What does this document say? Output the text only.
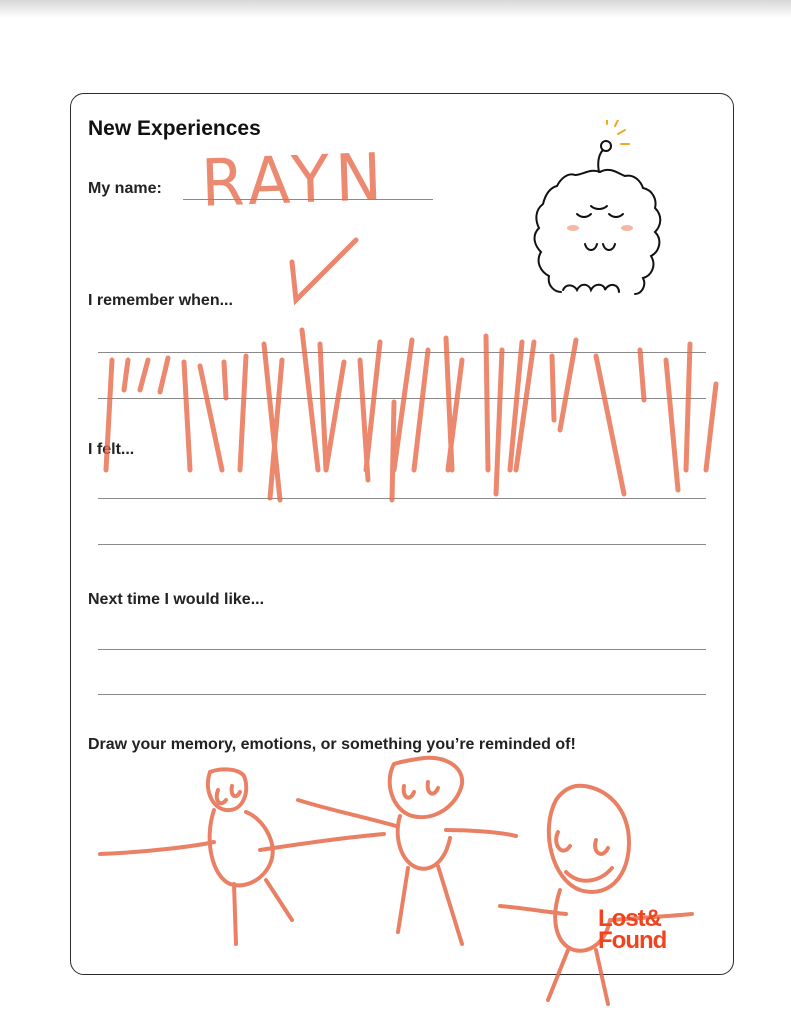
New Experiences
My name: RAYN
I remember when...
I felt...
Next time I would like...
Draw your memory, emotions, or something you’re reminded of!
Lost&
Found
